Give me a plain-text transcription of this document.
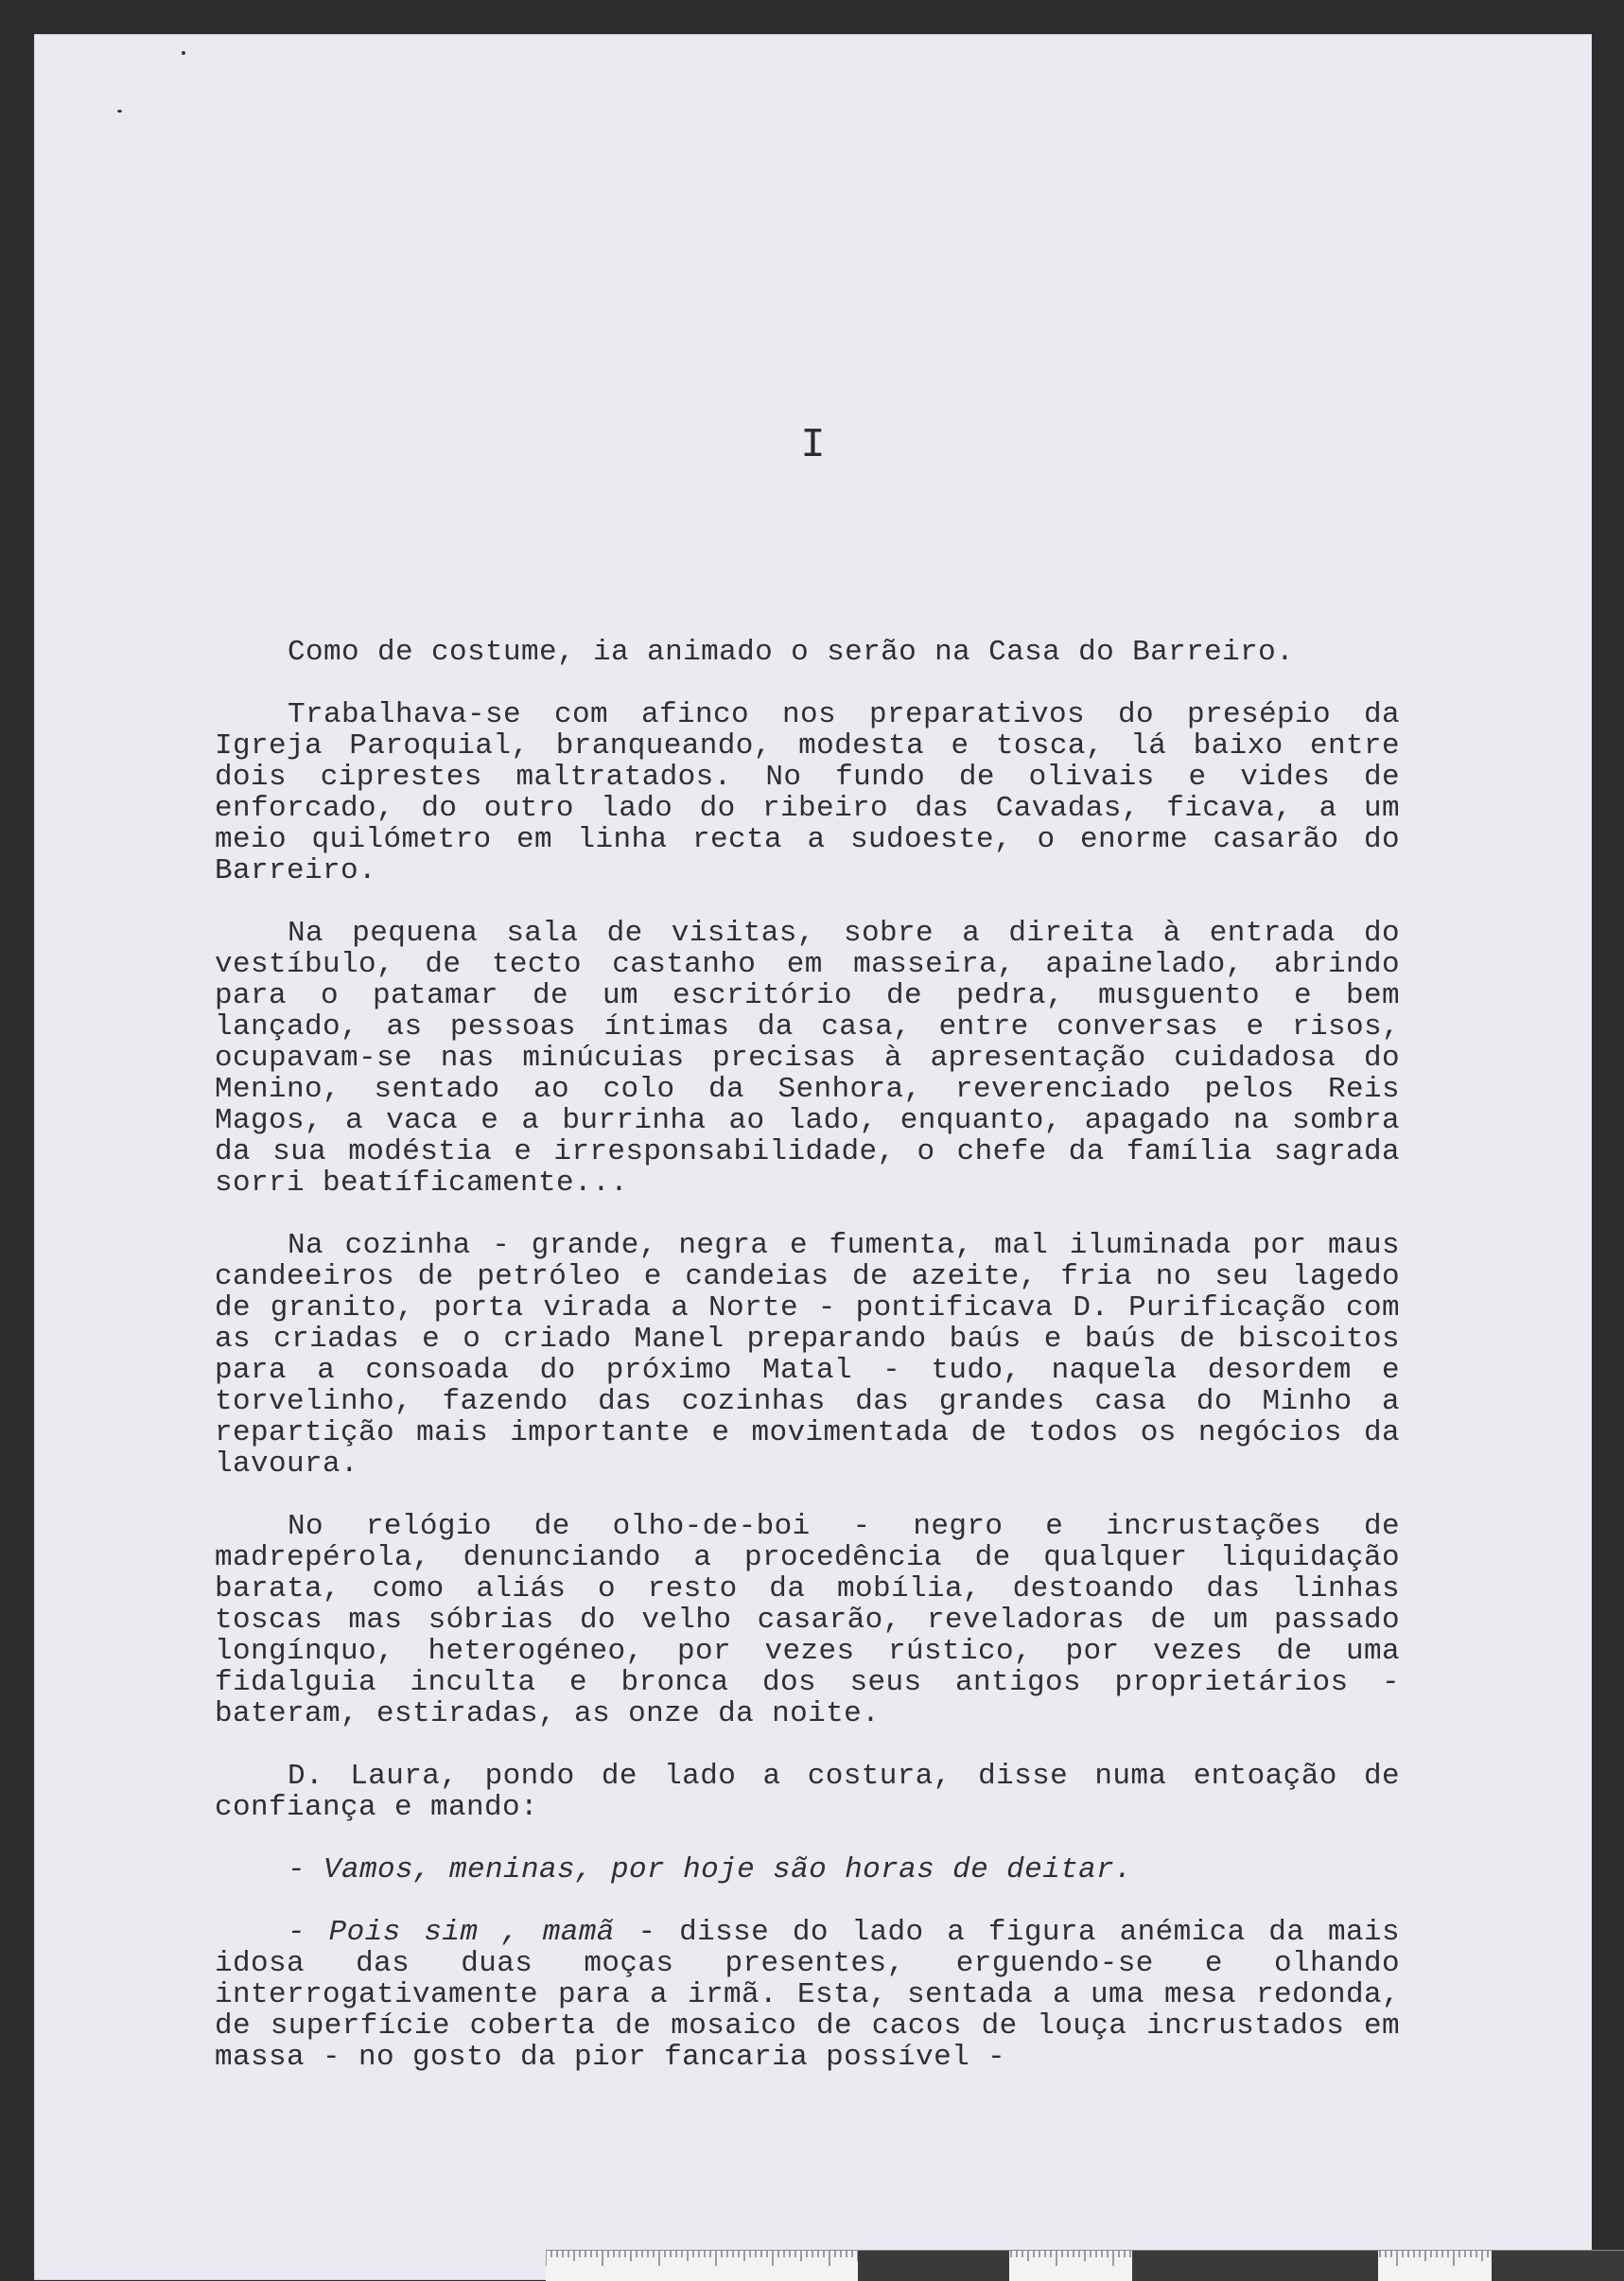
I

Como de costume, ia animado o serão na Casa do Barreiro.

Trabalhava-se com afinco nos preparativos do presépio da Igreja Paroquial, branqueando, modesta e tosca, lá baixo entre dois ciprestes maltratados. No fundo de olivais e vides de enforcado, do outro lado do ribeiro das Cavadas, ficava, a um meio quilómetro em linha recta a sudoeste, o enorme casarão do Barreiro.

Na pequena sala de visitas, sobre a direita à entrada do vestíbulo, de tecto castanho em masseira, apainelado, abrindo para o patamar de um escritório de pedra, musguento e bem lançado, as pessoas íntimas da casa, entre conversas e risos, ocupavam-se nas minúcuias precisas à apresentação cuidadosa do Menino, sentado ao colo da Senhora, reverenciado pelos Reis Magos, a vaca e a burrinha ao lado, enquanto, apagado na sombra da sua modéstia e irresponsabilidade, o chefe da família sagrada sorri beatíficamente...

Na cozinha - grande, negra e fumenta, mal iluminada por maus candeeiros de petróleo e candeias de azeite, fria no seu lagedo de granito, porta virada a Norte - pontificava D. Purificação com as criadas e o criado Manel preparando baús e baús de biscoitos para a consoada do próximo Matal - tudo, naquela desordem e torvelinho, fazendo das cozinhas das grandes casa do Minho a repartição mais importante e movimentada de todos os negócios da lavoura.

No relógio de olho-de-boi - negro e incrustações de madrepérola, denunciando a procedência de qualquer liquidação barata, como aliás o resto da mobília, destoando das linhas toscas mas sóbrias do velho casarão, reveladoras de um passado longínquo, heterogéneo, por vezes rústico, por vezes de uma fidalguia inculta e bronca dos seus antigos proprietários - bateram, estiradas, as onze da noite.

D. Laura, pondo de lado a costura, disse numa entoação de confiança e mando:

- Vamos, meninas, por hoje são horas de deitar.

- Pois sim , mamã - disse do lado a figura anémica da mais idosa das duas moças presentes, erguendo-se e olhando interrogativamente para a irmã. Esta, sentada a uma mesa redonda, de superfície coberta de mosaico de cacos de louça incrustados em massa - no gosto da pior fancaria possível -
